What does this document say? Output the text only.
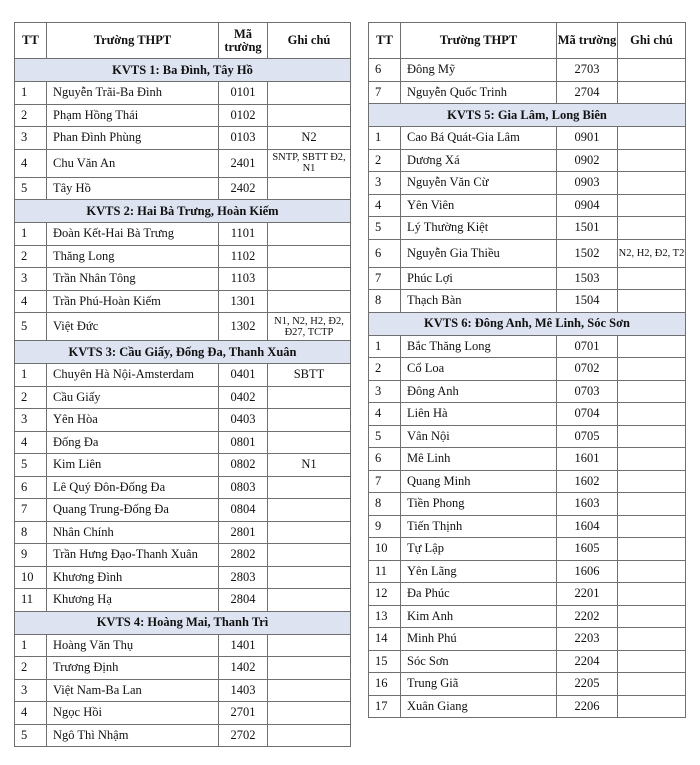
TT	Trường THPT	Mã trường	Ghi chú
KVTS 1: Ba Đình, Tây Hồ			
1	Nguyễn Trãi-Ba Đình	0101	
2	Phạm Hồng Thái	0102	
3	Phan Đình Phùng	0103	N2
4	Chu Văn An	2401	SNTP, SBTT Đ2, N1
5	Tây Hồ	2402	
KVTS 2: Hai Bà Trưng, Hoàn Kiếm			
1	Đoàn Kết-Hai Bà Trưng	1101	
2	Thăng Long	1102	
3	Trần Nhân Tông	1103	
4	Trần Phú-Hoàn Kiếm	1301	
5	Việt Đức	1302	N1, N2, H2, Đ2, Đ27, TCTP
KVTS 3: Cầu Giấy, Đống Đa, Thanh Xuân			
1	Chuyên Hà Nội-Amsterdam	0401	SBTT
2	Cầu Giấy	0402	
3	Yên Hòa	0403	
4	Đống Đa	0801	
5	Kim Liên	0802	N1
6	Lê Quý Đôn-Đống Đa	0803	
7	Quang Trung-Đống Đa	0804	
8	Nhân Chính	2801	
9	Trần Hưng Đạo-Thanh Xuân	2802	
10	Khương Đình	2803	
11	Khương Hạ	2804	
KVTS 4: Hoàng Mai, Thanh Trì			
1	Hoàng Văn Thụ	1401	
2	Trương Định	1402	
3	Việt Nam-Ba Lan	1403	
4	Ngọc Hồi	2701	
5	Ngô Thì Nhậm	2702	
TT	Trường THPT	Mã trường	Ghi chú
6	Đông Mỹ	2703	
7	Nguyễn Quốc Trinh	2704	
KVTS 5: Gia Lâm, Long Biên			
1	Cao Bá Quát-Gia Lâm	0901	
2	Dương Xá	0902	
3	Nguyễn Văn Cừ	0903	
4	Yên Viên	0904	
5	Lý Thường Kiệt	1501	
6	Nguyễn Gia Thiều	1502	N2, H2, Đ2, T2
7	Phúc Lợi	1503	
8	Thạch Bàn	1504	
KVTS 6: Đông Anh, Mê Linh, Sóc Sơn			
1	Bắc Thăng Long	0701	
2	Cổ Loa	0702	
3	Đông Anh	0703	
4	Liên Hà	0704	
5	Vân Nội	0705	
6	Mê Linh	1601	
7	Quang Minh	1602	
8	Tiền Phong	1603	
9	Tiến Thịnh	1604	
10	Tự Lập	1605	
11	Yên Lãng	1606	
12	Đa Phúc	2201	
13	Kim Anh	2202	
14	Minh Phú	2203	
15	Sóc Sơn	2204	
16	Trung Giã	2205	
17	Xuân Giang	2206	
